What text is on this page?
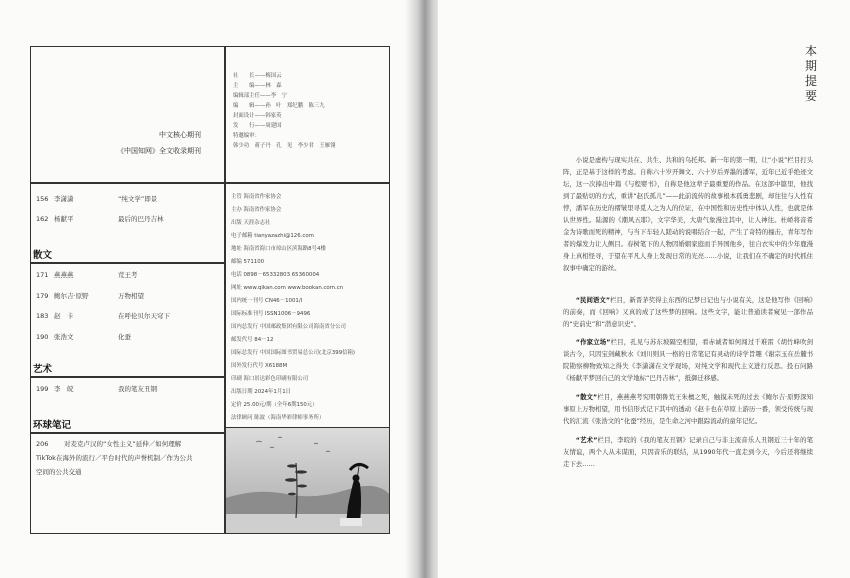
中文核心期刊
《中国知网》全文收录期刊
社　　长——梅国云
主　　编——林　森
编辑部主任——李　宁
编　　辑——孙　叶　郑纪鹏　陈三九
封面设计——韩家英
发　　行——周建国
特邀编审：
韩少功　蒋子丹　孔　见　李少君　王雁翎
156 李潇潇	“纯文学”即景
162 杨献平	最后的巴丹吉林
散文
171 燕燕燕	荒王考
179 鲍尔吉·原野	万物相望
183 赵　卡	在呼伦贝尔天穹下
190 张浩文	化蚕
艺术
199 李　皖	我的笔友丑钢
环球笔记
206 对麦克卢汉的“女性主义”延伸／如何理解
TikTok在海外的流行／平台时代的声誉机制／作为公共
空间的公共交通
主管 海南省作家协会
主办 海南省作家协会
出版 天涯杂志社
电子邮箱 tianyazazhi@126.com
地址 海南省海口市琼山区滨海路8号4楼
邮编 571100
电话 0898－65332803 65360004
网址 www.qikan.com www.bookan.com.cn
国内统一刊号 CN46－1001/I
国际标准刊号 ISSN1006－9496
国内总发行 中国邮政集团有限公司海南省分公司
邮发代号 84－12
国际总发行 中国国际图书贸易总公司(北京399信箱)
国外发行代号 X6188M
印刷 海口景达彩色印刷有限公司
出版日期 2024年1月1日
定价 25.00元/期（全年6期150元）
法律顾问 陈波（海南华彩律师事务所）
本
期
提
要
小说是虚构与现实共在、共生、共和的乌托邦。新一年的第一期，让“小说”栏目打头阵，正是基于这样的考虑。自称六十岁开舞文、六十岁后弄墨的潘军，近年已近乎绝迹文坛，这一次捧出中篇《与程婴书》，自称是他这辈子最重要的作品。在这部中篇里，他找到了最贴切的方式，重讲“赵氏孤儿”——此前流传的故事根本孤勇悲剧，却往往与人性有悖，潘军在历史的褶皱里寻觅人之为人的位证，在中国性和历史性中体认人性，也就是体认世界性。陆源的《潮风五耶》，文字华美，大唐气象漫注其中，让人神往。杜峤将音希金为诗歌而死的精神，与当下车轻人蹉动的说唱结合一起，产生了奇特的撞击，青年写作者的爆发力让人侧目。春树笔下的人物因婚姻家庭而手异国他乡，往自衣实中的少年鹿漫身上真相怪寻，于望在平凡人身上发现日常的光亮……小说，让我们在不确定的时代抓住叙事中确定的游丝。
“民间语文”栏目，新晋茅奖得主东西的记梦日记也与小说有关，这是他写作《回响》的前奏，而《回响》又真的成了这些梦的回响。这些文字，能让普通读者窥见一部作品的“史前史”和“潜意识史”。
“作家立场”栏目，孔见与苏东坡隔空相望，看赤诚者如何闯过千难雷《胡竹峰吹剑谈古今，只因宝剑藏秋水《刘川则具一格的日常笔记有灵动的诗学旨趣《谢宗玉在岳麓书院勘察柳物致知之得失《李潇潇在文学现场，对纯文学和现代主义进行反思。投石问路《杨献平梦回自己的文学地标“巴丹吉林”，抵御迁移感。
“散文”栏目，燕燕燕考究明朝鲁荒王朱檀之死，触摸未死的过去《鲍尔吉·原野深知事原上万物相望，用书信形式记下其中的透动《赵卡也在草原上游历一番，领受传统与现代的汇流《张浩文的“化蚕”经历，是生命之河中跟踪流动的童年记忆。
“艺术”栏目，李皖的《我的笔友丑钢》记录自己与非主流音乐人丑钢近三十年的笔友情谊，两个人从未谋面，只因音乐的联结，从1990年代一直走到今天，今后还将继续走下去……
